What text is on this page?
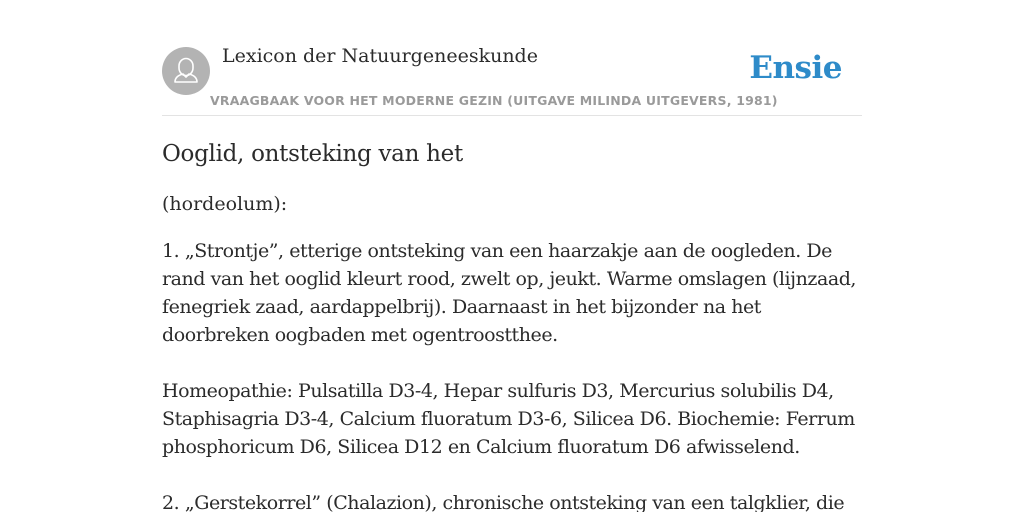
Lexicon der Natuurgeneeskunde
VRAAGBAAK VOOR HET MODERNE GEZIN (UITGAVE MILINDA UITGEVERS, 1981)
Ensie
Ooglid, ontsteking van het

(hordeolum):

1. „Strontje”, etterige ontsteking van een haarzakje aan de oogleden. De rand van het ooglid kleurt rood, zwelt op, jeukt. Warme omslagen (lijnzaad, fenegriek zaad, aardappelbrij). Daarnaast in het bijzonder na het doorbreken oogbaden met ogentroostthee.

Homeopathie: Pulsatilla D3-4, Hepar sulfuris D3, Mercurius solubilis D4, Staphisagria D3-4, Calcium fluoratum D3-6, Silicea D6. Biochemie: Ferrum phosphoricum D6, Silicea D12 en Calcium fluoratum D6 afwisselend.

2. „Gerstekorrel” (Chalazion), chronische ontsteking van een talgklier, die
